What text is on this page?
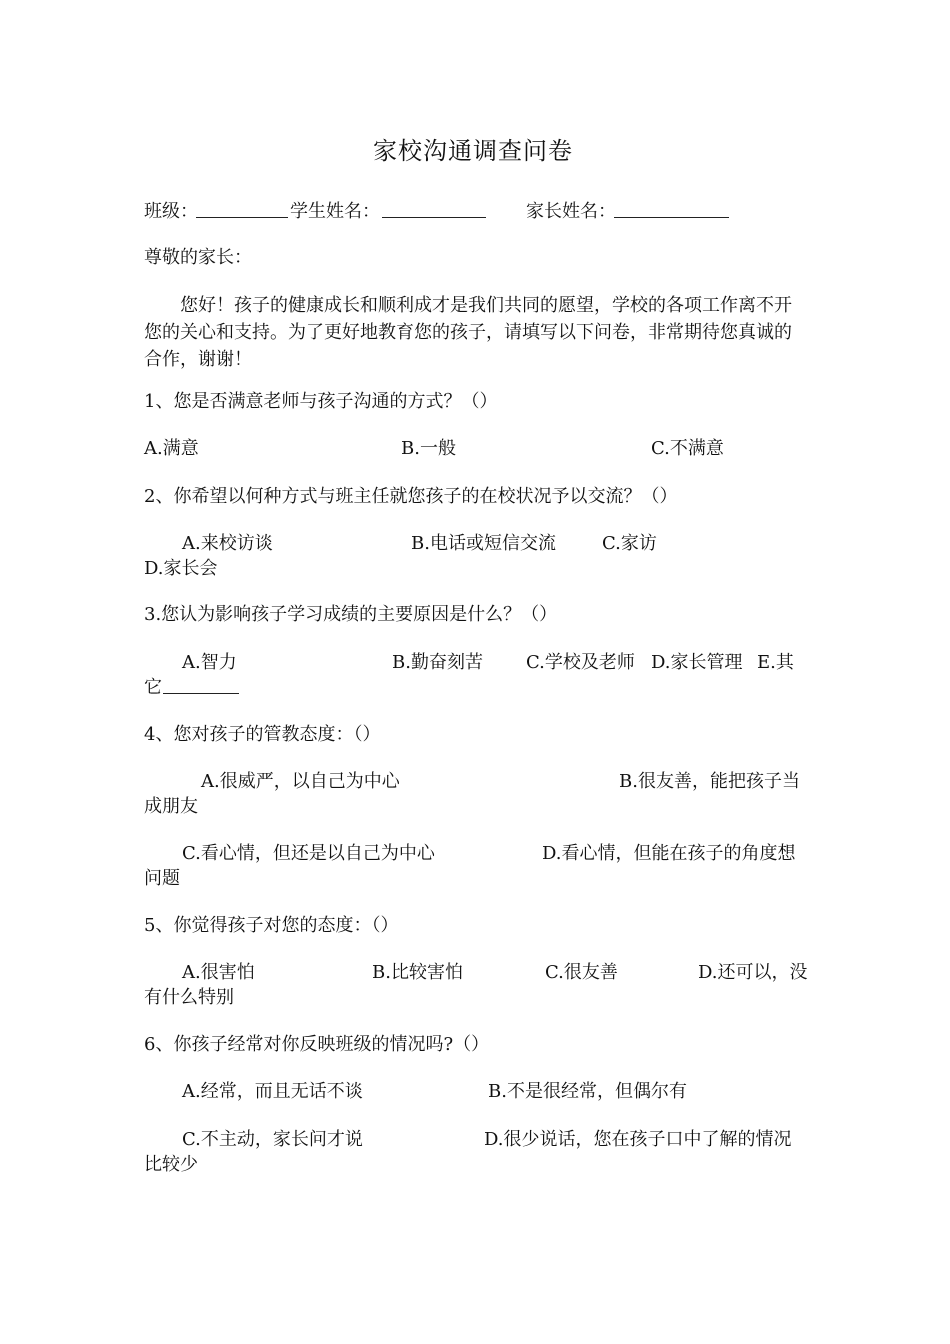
家校沟通调查问卷
班级：	学生姓名：	家长姓名：
尊敬的家长：
您好！孩子的健康成长和顺利成才是我们共同的愿望，学校的各项工作离不开您的关心和支持。为了更好地教育您的孩子，请填写以下问卷，非常期待您真诚的合作，谢谢！
1、您是否满意老师与孩子沟通的方式？（）
A.满意	B.一般	C.不满意
2、你希望以何种方式与班主任就您孩子的在校状况予以交流？（）
A.来校访谈	B.电话或短信交流	C.家访
D.家长会
3.您认为影响孩子学习成绩的主要原因是什么？（）
A.智力	B.勤奋刻苦 C.学校及老师 D.家长管理 E.其
它
4、您对孩子的管教态度：（）
A.很威严，以自己为中心	B.很友善，能把孩子当
成朋友
C.看心情，但还是以自己为中心	D.看心情，但能在孩子的角度想
问题
5、你觉得孩子对您的态度：（）
A.很害怕	B.比较害怕	C.很友善	D.还可以，没
有什么特别
6、你孩子经常对你反映班级的情况吗?（）
A.经常，而且无话不谈	B.不是很经常，但偶尔有
C.不主动，家长问才说	D.很少说话，您在孩子口中了解的情况
比较少
